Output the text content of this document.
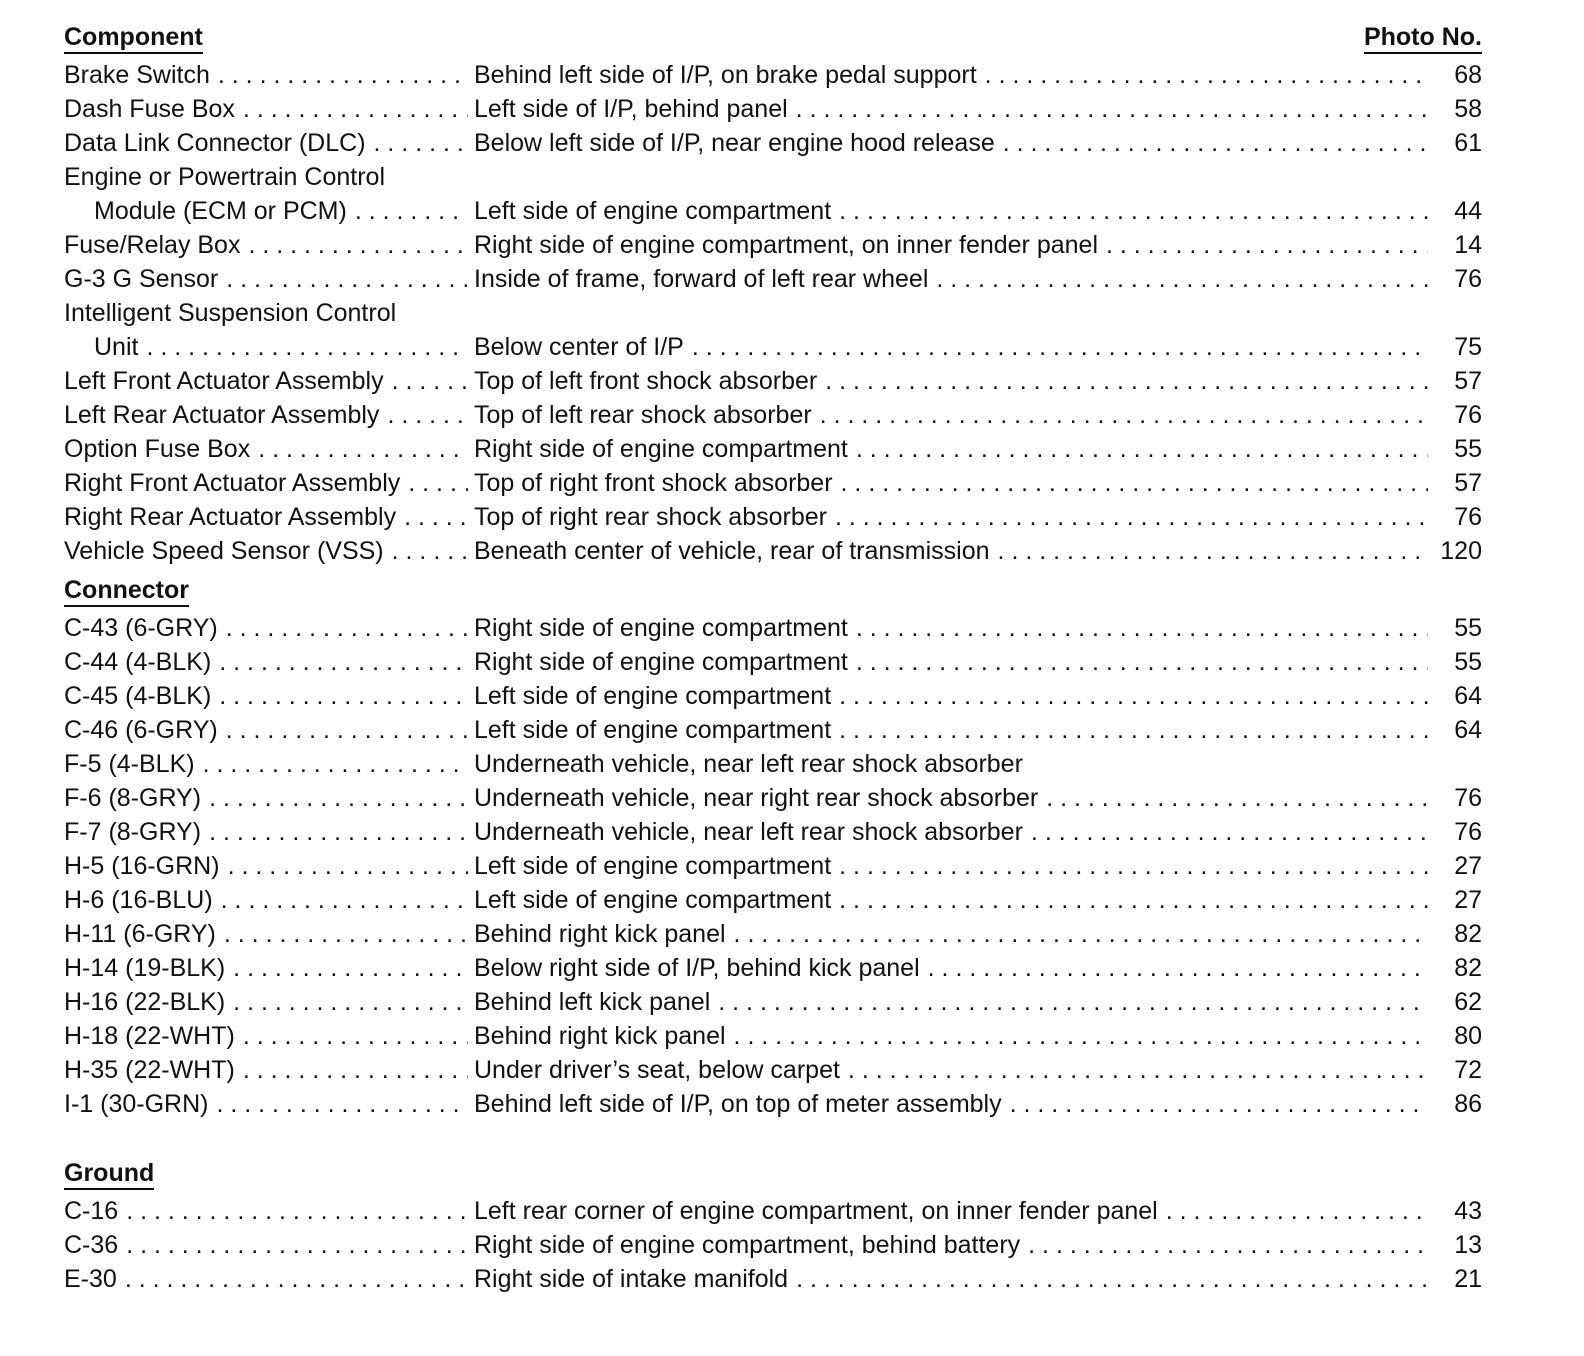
Component	Photo No.
Brake Switch . . .	Behind left side of I/P, on brake pedal support . . .	68
Dash Fuse Box . . .	Left side of I/P, behind panel . . .	58
Data Link Connector (DLC) . . .	Below left side of I/P, near engine hood release . . .	61
Engine or Powertrain Control
Module (ECM or PCM) . . .	Left side of engine compartment . . .	44
Fuse/Relay Box . . .	Right side of engine compartment, on inner fender panel . . .	14
G-3 G Sensor . . .	Inside of frame, forward of left rear wheel . . .	76
Intelligent Suspension Control
Unit . . .	Below center of I/P . . .	75
Left Front Actuator Assembly . . .	Top of left front shock absorber . . .	57
Left Rear Actuator Assembly . . .	Top of left rear shock absorber . . .	76
Option Fuse Box . . .	Right side of engine compartment . . .	55
Right Front Actuator Assembly . . .	Top of right front shock absorber . . .	57
Right Rear Actuator Assembly . . .	Top of right rear shock absorber . . .	76
Vehicle Speed Sensor (VSS) . . .	Beneath center of vehicle, rear of transmission . . .	120
Connector
C-43 (6-GRY) . . .	Right side of engine compartment . . .	55
C-44 (4-BLK) . . .	Right side of engine compartment . . .	55
C-45 (4-BLK) . . .	Left side of engine compartment . . .	64
C-46 (6-GRY) . . .	Left side of engine compartment . . .	64
F-5 (4-BLK) . . .	Underneath vehicle, near left rear shock absorber
F-6 (8-GRY) . . .	Underneath vehicle, near right rear shock absorber . . .	76
F-7 (8-GRY) . . .	Underneath vehicle, near left rear shock absorber . . .	76
H-5 (16-GRN) . . .	Left side of engine compartment . . .	27
H-6 (16-BLU) . . .	Left side of engine compartment . . .	27
H-11 (6-GRY) . . .	Behind right kick panel . . .	82
H-14 (19-BLK) . . .	Below right side of I/P, behind kick panel . . .	82
H-16 (22-BLK) . . .	Behind left kick panel . . .	62
H-18 (22-WHT) . . .	Behind right kick panel . . .	80
H-35 (22-WHT) . . .	Under driver’s seat, below carpet . . .	72
I-1 (30-GRN) . . .	Behind left side of I/P, on top of meter assembly . . .	86
Ground
C-16 . . .	Left rear corner of engine compartment, on inner fender panel . . .	43
C-36 . . .	Right side of engine compartment, behind battery . . .	13
E-30 . . .	Right side of intake manifold . . .	21
